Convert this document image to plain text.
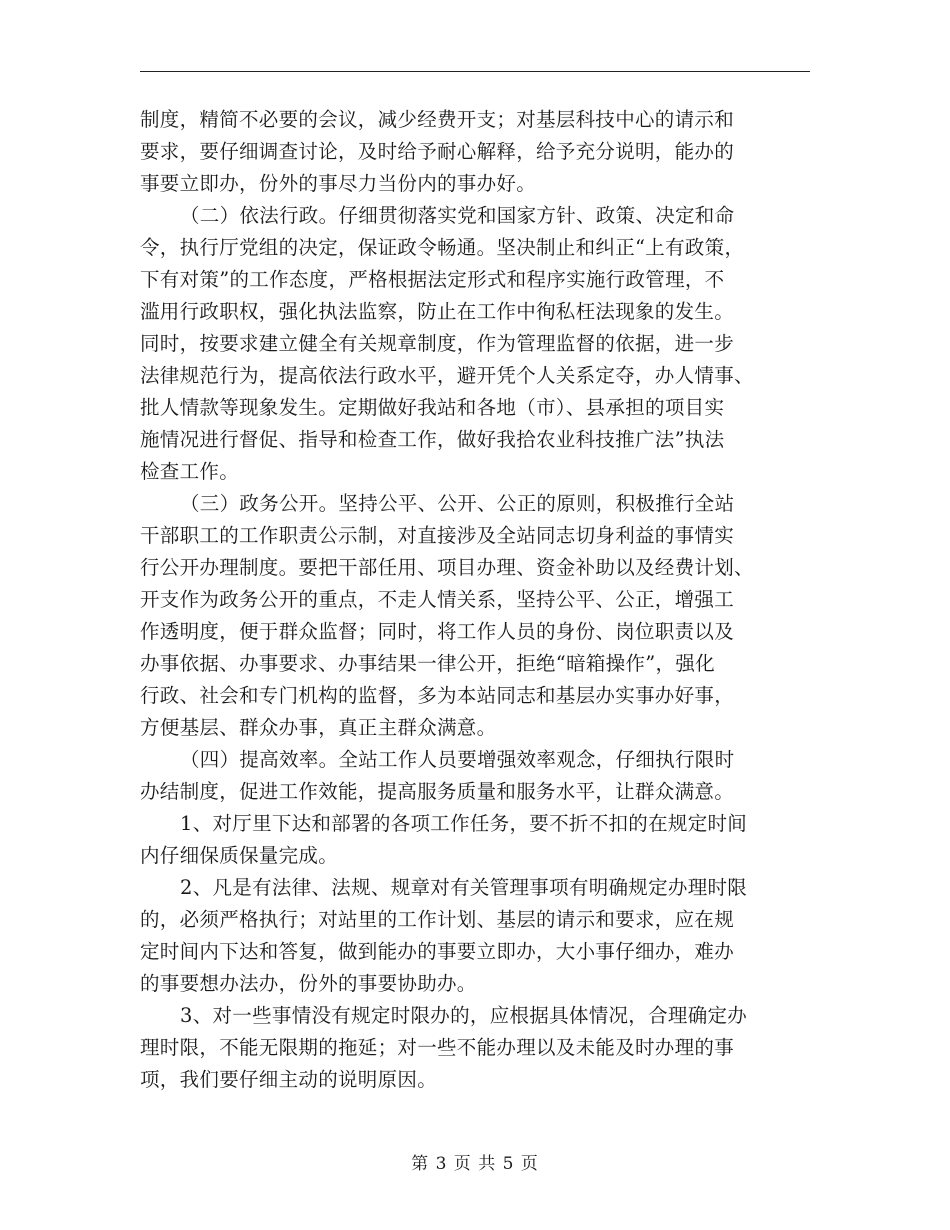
制度，精简不必要的会议，减少经费开支；对基层科技中心的请示和
要求，要仔细调查讨论，及时给予耐心解释，给予充分说明，能办的
事要立即办，份外的事尽力当份内的事办好。
（二）依法行政。仔细贯彻落实党和国家方针、政策、决定和命
令，执行厅党组的决定，保证政令畅通。坚决制止和纠正“上有政策，
下有对策”的工作态度，严格根据法定形式和程序实施行政管理，不
滥用行政职权，强化执法监察，防止在工作中徇私枉法现象的发生。
同时，按要求建立健全有关规章制度，作为管理监督的依据，进一步
法律规范行为，提高依法行政水平，避开凭个人关系定夺，办人情事、
批人情款等现象发生。定期做好我站和各地（市）、县承担的项目实
施情况进行督促、指导和检查工作，做好我拾农业科技推广法”执法
检查工作。
（三）政务公开。坚持公平、公开、公正的原则，积极推行全站
干部职工的工作职责公示制，对直接涉及全站同志切身利益的事情实
行公开办理制度。要把干部任用、项目办理、资金补助以及经费计划、
开支作为政务公开的重点，不走人情关系，坚持公平、公正，增强工
作透明度，便于群众监督；同时，将工作人员的身份、岗位职责以及
办事依据、办事要求、办事结果一律公开，拒绝“暗箱操作”，强化
行政、社会和专门机构的监督，多为本站同志和基层办实事办好事，
方便基层、群众办事，真正主群众满意。
（四）提高效率。全站工作人员要增强效率观念，仔细执行限时
办结制度，促进工作效能，提高服务质量和服务水平，让群众满意。
1、对厅里下达和部署的各项工作任务，要不折不扣的在规定时间
内仔细保质保量完成。
2、凡是有法律、法规、规章对有关管理事项有明确规定办理时限
的，必须严格执行；对站里的工作计划、基层的请示和要求，应在规
定时间内下达和答复，做到能办的事要立即办，大小事仔细办，难办
的事要想办法办，份外的事要协助办。
3、对一些事情没有规定时限办的，应根据具体情况，合理确定办
理时限，不能无限期的拖延；对一些不能办理以及未能及时办理的事
项，我们要仔细主动的说明原因。
第 3 页 共 5 页
